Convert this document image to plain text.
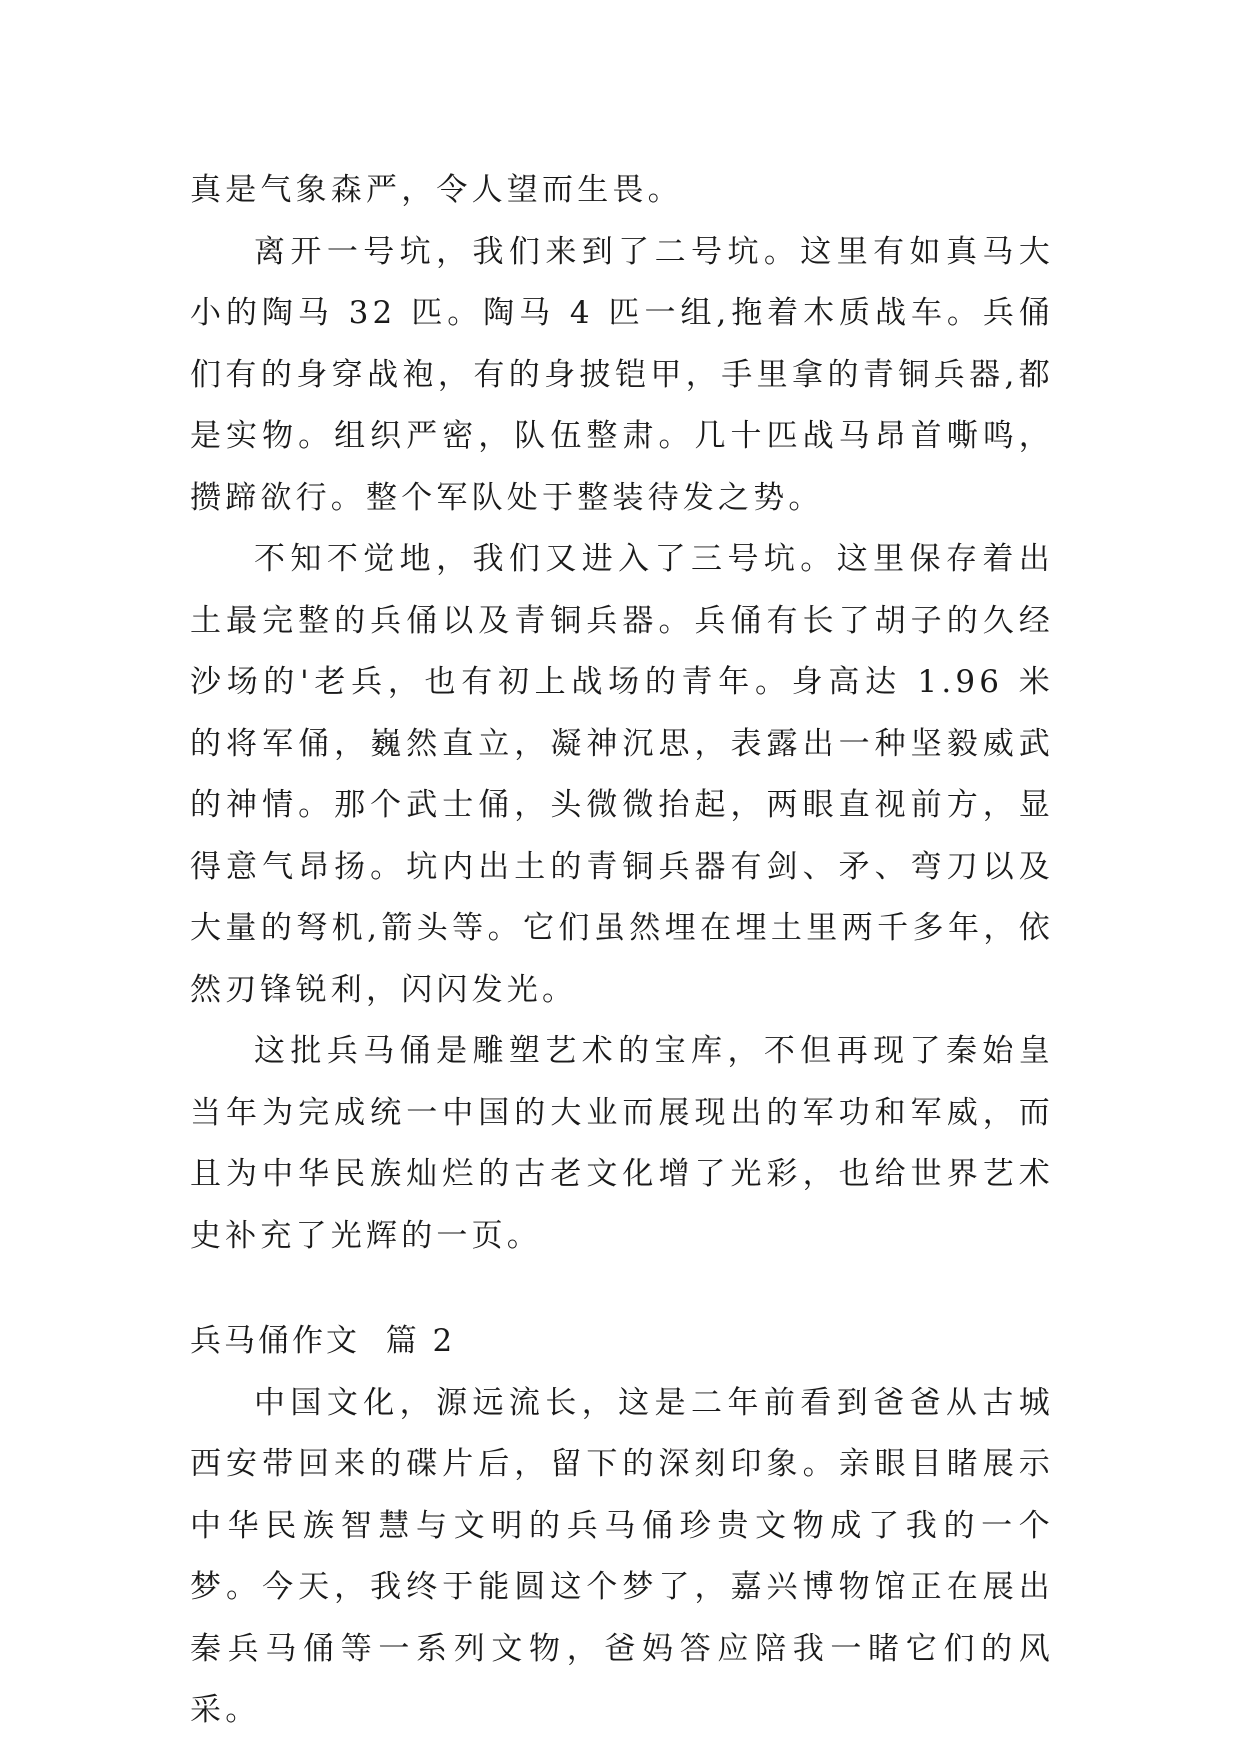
真是气象森严，令人望而生畏。

离开一号坑，我们来到了二号坑。这里有如真马大小的陶马 32 匹。陶马 4 匹一组,拖着木质战车。兵俑们有的身穿战袍，有的身披铠甲，手里拿的青铜兵器,都是实物。组织严密，队伍整肃。几十匹战马昂首嘶鸣，攒蹄欲行。整个军队处于整装待发之势。

不知不觉地，我们又进入了三号坑。这里保存着出土最完整的兵俑以及青铜兵器。兵俑有长了胡子的久经沙场的'老兵，也有初上战场的青年。身高达 1.96 米的将军俑，巍然直立，凝神沉思，表露出一种坚毅威武的神情。那个武士俑，头微微抬起，两眼直视前方，显得意气昂扬。坑内出土的青铜兵器有剑、矛、弯刀以及大量的弩机,箭头等。它们虽然埋在埋土里两千多年，依然刃锋锐利，闪闪发光。

这批兵马俑是雕塑艺术的宝库，不但再现了秦始皇当年为完成统一中国的大业而展现出的军功和军威，而且为中华民族灿烂的古老文化增了光彩，也给世界艺术史补充了光辉的一页。

兵马俑作文  篇 2

中国文化，源远流长，这是二年前看到爸爸从古城西安带回来的碟片后，留下的深刻印象。亲眼目睹展示中华民族智慧与文明的兵马俑珍贵文物成了我的一个梦。今天，我终于能圆这个梦了，嘉兴博物馆正在展出秦兵马俑等一系列文物，爸妈答应陪我一睹它们的风采。
